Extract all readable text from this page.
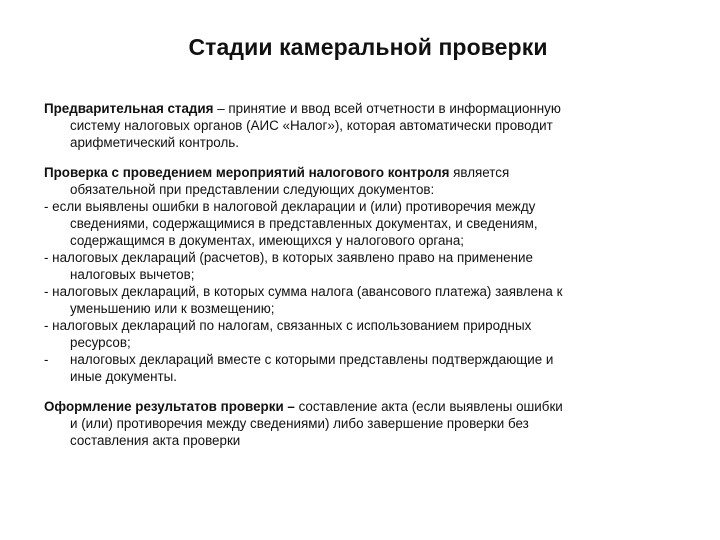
Стадии камеральной проверки
Предварительная стадия – принятие и ввод всей отчетности в информационную
систему налоговых органов (АИС «Налог»), которая автоматически проводит
арифметический контроль.
Проверка с проведением мероприятий налогового контроля является
обязательной при представлении следующих документов:
- если выявлены ошибки в налоговой декларации и (или) противоречия между
сведениями, содержащимися в представленных документах, и сведениям,
содержащимся в документах, имеющихся у налогового органа;
- налоговых деклараций (расчетов), в которых заявлено право на применение
налоговых вычетов;
- налоговых деклараций, в которых сумма налога (авансового платежа) заявлена к
уменьшению или к возмещению;
- налоговых деклараций по налогам, связанных с использованием природных
ресурсов;
- налоговых деклараций вместе с которыми представлены подтверждающие и
иные документы.
Оформление результатов проверки – составление акта (если выявлены ошибки
и (или) противоречия между сведениями) либо завершение проверки без
составления акта проверки
